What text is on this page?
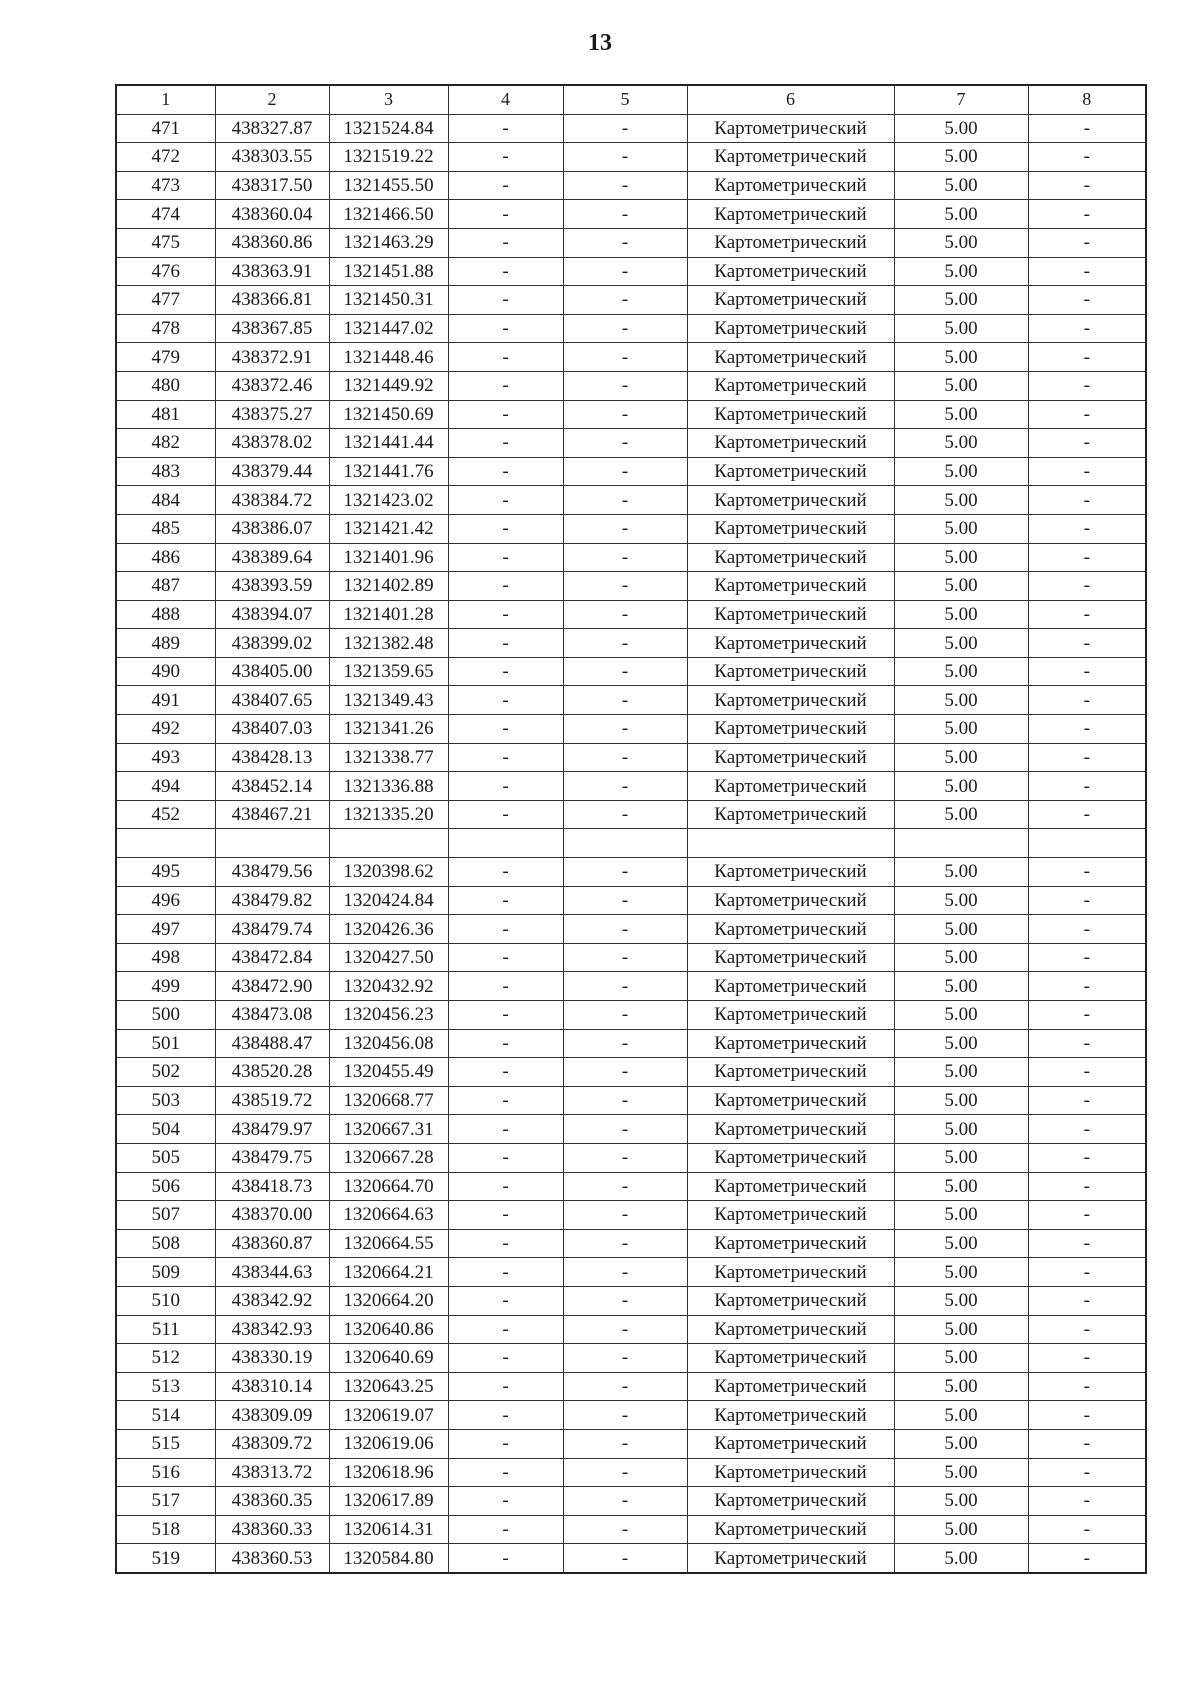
13
1	2	3	4	5	6	7	8
471	438327.87	1321524.84	-	-	Картометрический	5.00	-
472	438303.55	1321519.22	-	-	Картометрический	5.00	-
473	438317.50	1321455.50	-	-	Картометрический	5.00	-
474	438360.04	1321466.50	-	-	Картометрический	5.00	-
475	438360.86	1321463.29	-	-	Картометрический	5.00	-
476	438363.91	1321451.88	-	-	Картометрический	5.00	-
477	438366.81	1321450.31	-	-	Картометрический	5.00	-
478	438367.85	1321447.02	-	-	Картометрический	5.00	-
479	438372.91	1321448.46	-	-	Картометрический	5.00	-
480	438372.46	1321449.92	-	-	Картометрический	5.00	-
481	438375.27	1321450.69	-	-	Картометрический	5.00	-
482	438378.02	1321441.44	-	-	Картометрический	5.00	-
483	438379.44	1321441.76	-	-	Картометрический	5.00	-
484	438384.72	1321423.02	-	-	Картометрический	5.00	-
485	438386.07	1321421.42	-	-	Картометрический	5.00	-
486	438389.64	1321401.96	-	-	Картометрический	5.00	-
487	438393.59	1321402.89	-	-	Картометрический	5.00	-
488	438394.07	1321401.28	-	-	Картометрический	5.00	-
489	438399.02	1321382.48	-	-	Картометрический	5.00	-
490	438405.00	1321359.65	-	-	Картометрический	5.00	-
491	438407.65	1321349.43	-	-	Картометрический	5.00	-
492	438407.03	1321341.26	-	-	Картометрический	5.00	-
493	438428.13	1321338.77	-	-	Картометрический	5.00	-
494	438452.14	1321336.88	-	-	Картометрический	5.00	-
452	438467.21	1321335.20	-	-	Картометрический	5.00	-

495	438479.56	1320398.62	-	-	Картометрический	5.00	-
496	438479.82	1320424.84	-	-	Картометрический	5.00	-
497	438479.74	1320426.36	-	-	Картометрический	5.00	-
498	438472.84	1320427.50	-	-	Картометрический	5.00	-
499	438472.90	1320432.92	-	-	Картометрический	5.00	-
500	438473.08	1320456.23	-	-	Картометрический	5.00	-
501	438488.47	1320456.08	-	-	Картометрический	5.00	-
502	438520.28	1320455.49	-	-	Картометрический	5.00	-
503	438519.72	1320668.77	-	-	Картометрический	5.00	-
504	438479.97	1320667.31	-	-	Картометрический	5.00	-
505	438479.75	1320667.28	-	-	Картометрический	5.00	-
506	438418.73	1320664.70	-	-	Картометрический	5.00	-
507	438370.00	1320664.63	-	-	Картометрический	5.00	-
508	438360.87	1320664.55	-	-	Картометрический	5.00	-
509	438344.63	1320664.21	-	-	Картометрический	5.00	-
510	438342.92	1320664.20	-	-	Картометрический	5.00	-
511	438342.93	1320640.86	-	-	Картометрический	5.00	-
512	438330.19	1320640.69	-	-	Картометрический	5.00	-
513	438310.14	1320643.25	-	-	Картометрический	5.00	-
514	438309.09	1320619.07	-	-	Картометрический	5.00	-
515	438309.72	1320619.06	-	-	Картометрический	5.00	-
516	438313.72	1320618.96	-	-	Картометрический	5.00	-
517	438360.35	1320617.89	-	-	Картометрический	5.00	-
518	438360.33	1320614.31	-	-	Картометрический	5.00	-
519	438360.53	1320584.80	-	-	Картометрический	5.00	-
